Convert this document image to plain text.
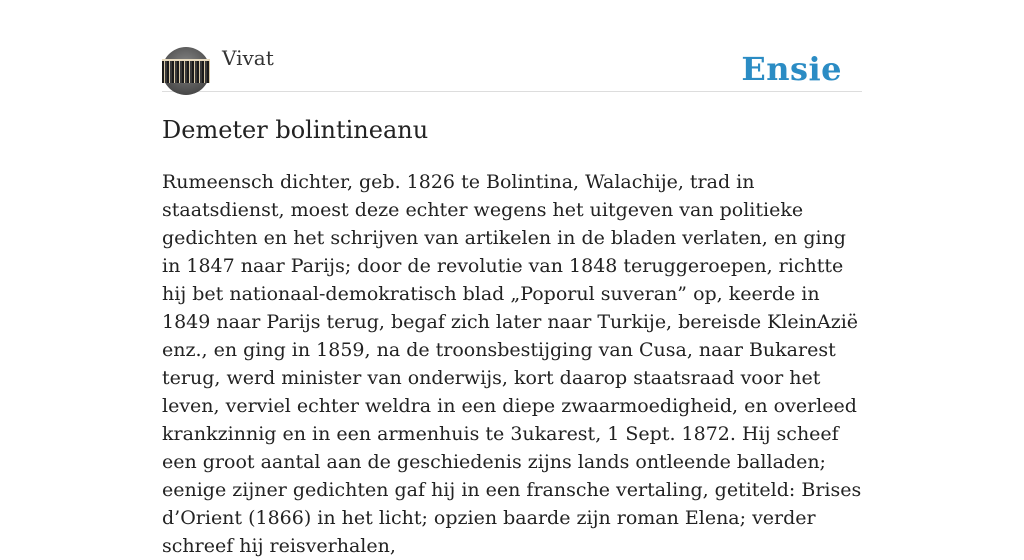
Vivat	Ensie
Demeter bolintineanu

Rumeensch dichter, geb. 1826 te Bolintina, Walachije, trad in staatsdienst, moest deze echter wegens het uitgeven van politieke gedichten en het schrijven van artikelen in de bladen verlaten, en ging in 1847 naar Parijs; door de revolutie van 1848 teruggeroepen, richtte hij bet nationaal-demokratisch blad „Poporul suveran” op, keerde in 1849 naar Parijs terug, begaf zich later naar Turkije, bereisde KleinAzië enz., en ging in 1859, na de troonsbestijging van Cusa, naar Bukarest terug, werd minister van onderwijs, kort daarop staatsraad voor het leven, verviel echter weldra in een diepe zwaarmoedigheid, en overleed krankzinnig en in een armenhuis te 3ukarest, 1 Sept. 1872. Hij scheef een groot aantal aan de geschiedenis zijns lands ontleende balladen; eenige zijner gedichten gaf hij in een fransche vertaling, getiteld: Brises d’Orient (1866) in het licht; opzien baarde zijn roman Elena; verder schreef hij reisverhalen,
